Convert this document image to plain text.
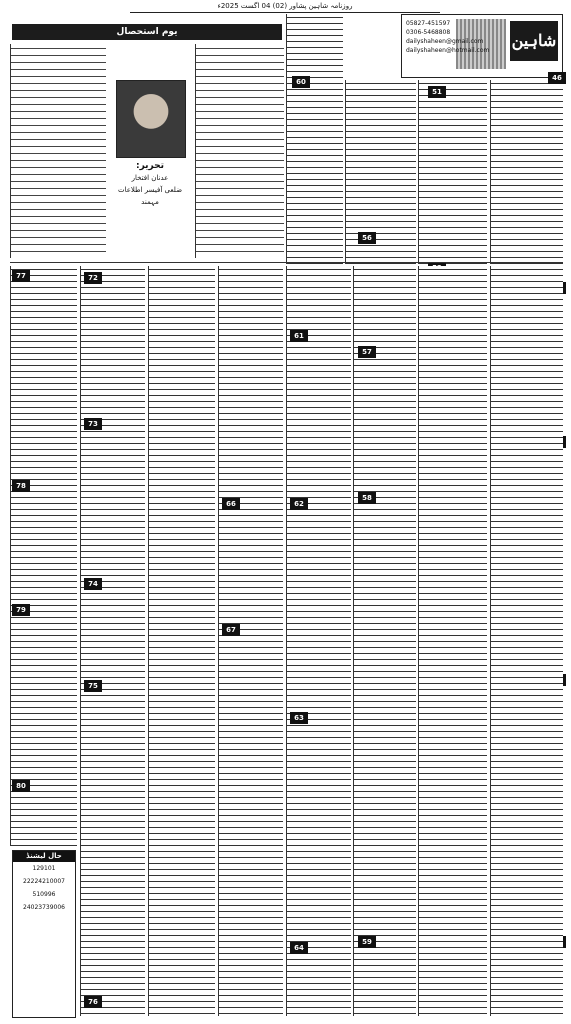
روزنامہ شاہین پشاور (02) 04 اگست 2025ء
شاہین
05827-451597
0306-5468808
dailyshaheen@gmail.com
dailyshaheen@hotmail.com
یوم استحصال
تحریر:
عدنان افتخار
ضلعی آفیسر اطلاعات مہمند
46
51
56
57
58
59
60
61
62
63
64
66
67
72
73
74
75
76
77
78
79
80
حال لیشنڈ
129101
22224210007
510996
24023739006
